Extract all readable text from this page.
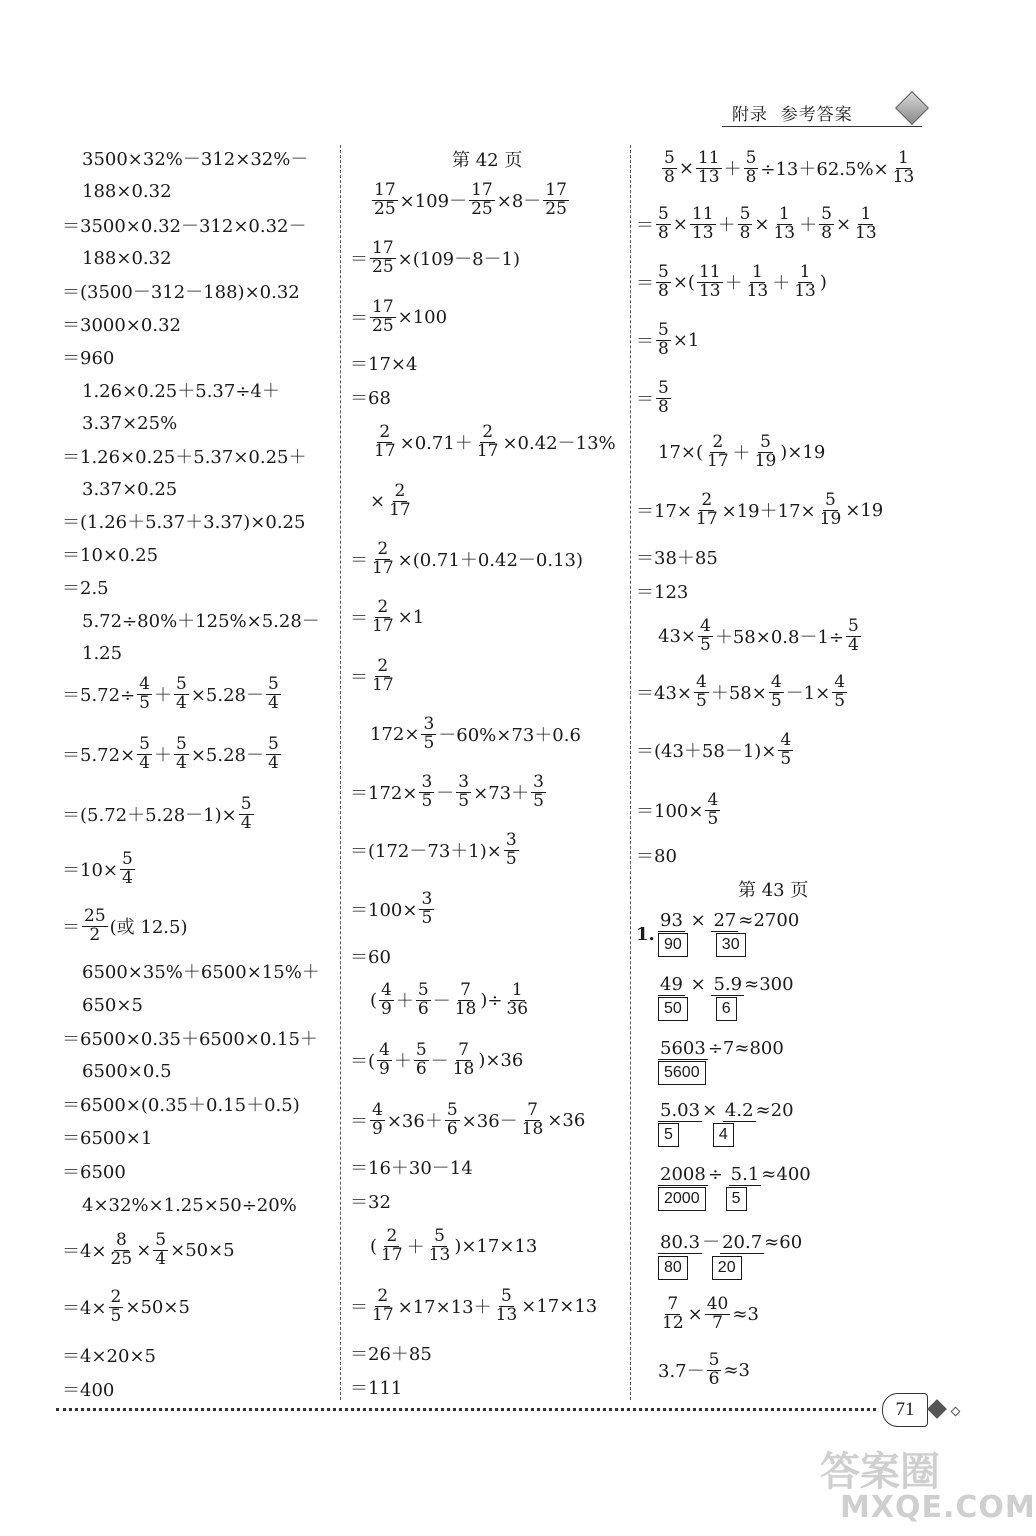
附录  参考答案
3500×32%－312×32%－
188×0.32
＝3500×0.32－312×0.32－
188×0.32
＝(3500－312－188)×0.32
＝3000×0.32
＝960
1.26×0.25＋5.37÷4＋
3.37×25%
＝1.26×0.25＋5.37×0.25＋
3.37×0.25
＝(1.26＋5.37＋3.37)×0.25
＝10×0.25
＝2.5
5.72÷80%＋125%×5.28－
1.25
$=5.72\div \frac{4}{5} + \frac{5}{4} \times 5.28- \frac{5}{4}$
$=5.72\times \frac{5}{4} + \frac{5}{4} \times 5.28- \frac{5}{4}$
$=(5.72+5.28-1)\times \frac{5}{4}$
$=10\times \frac{5}{4}$
＝ $\frac{25}{2}$ (或 12.5)
6500×35%＋6500×15%＋
650×5
＝6500×0.35＋6500×0.15＋
6500×0.5
＝6500×(0.35＋0.15＋0.5)
＝6500×1
＝6500
4×32%×1.25×50÷20%
$=4\times \frac{8}{25} \times \frac{5}{4} \times 50\times 5$
$=4\times \frac{2}{5} \times 50\times 5$
＝4×20×5
＝400
第 42 页
$\frac{17}{25} \times 109- \frac{17}{25} \times 8- \frac{17}{25}$
＝ $\frac{17}{25} \times(109-8-1)$
＝ $\frac{17}{25} \times 100$
＝17×4
＝68
$\frac{2}{17} \times 0.71+ \frac{2}{17} \times 0.42-13\%$
× $\frac{2}{17}$
＝ $\frac{2}{17} \times(0.71+0.42-0.13)$
＝ $\frac{2}{17} \times 1$
＝ $\frac{2}{17}$
$172\times \frac{3}{5} -60\%\times 73+0.6$
$=172\times \frac{3}{5} - \frac{3}{5} \times 73+ \frac{3}{5}$
$=(172-73+1)\times \frac{3}{5}$
$=100\times \frac{3}{5}$
＝60
( $\frac{4}{9} + \frac{5}{6} - \frac{7}{18}$ )÷ $\frac{1}{36}$
＝( $\frac{4}{9} + \frac{5}{6} - \frac{7}{18} )\times 36$
＝ $\frac{4}{9} \times 36+ \frac{5}{6} \times 36- \frac{7}{18} \times 36$
＝16＋30－14
＝32
( $\frac{2}{17} + \frac{5}{13} )\times 17\times 13$
＝ $\frac{2}{17} \times 17\times 13+ \frac{5}{13} \times 17\times 13$
＝26＋85
＝111
$\frac{5}{8} \times \frac{11}{13} + \frac{5}{8} \div 13+62.5\%\times \frac{1}{13}$
＝ $\frac{5}{8} \times \frac{11}{13} + \frac{5}{8} \times \frac{1}{13} + \frac{5}{8} \times \frac{1}{13}$
＝ $\frac{5}{8}$ ×( $\frac{11}{13} + \frac{1}{13} + \frac{1}{13}$ )
＝ $\frac{5}{8} \times 1$
＝ $\frac{5}{8}$
$17\times( \frac{2}{17} + \frac{5}{19} )\times 19$
$=17\times \frac{2}{17} \times 19+17\times \frac{5}{19} \times 19$
＝38＋85
＝123
$43\times \frac{4}{5} +58\times 0.8-1\div \frac{5}{4}$
$=43\times \frac{4}{5} +58\times \frac{4}{5} -1\times \frac{4}{5}$
$=(43+58-1)\times \frac{4}{5}$
$=100\times \frac{4}{5}$
＝80
第 43 页
1.
93 × 27 ≈2700
90	30
49 × 5.9 ≈300
50	6
5603 ÷7≈800
5600
5.03 × 4.2 ≈20
5	4
2008 ÷ 5.1 ≈400
2000	5
80.3 － 20.7 ≈60
80	20
$\frac{7}{12} \times \frac{40}{7} \approx 3$
$3.7- \frac{5}{6} \approx 3$
71
答案圈
MXQE.COM
